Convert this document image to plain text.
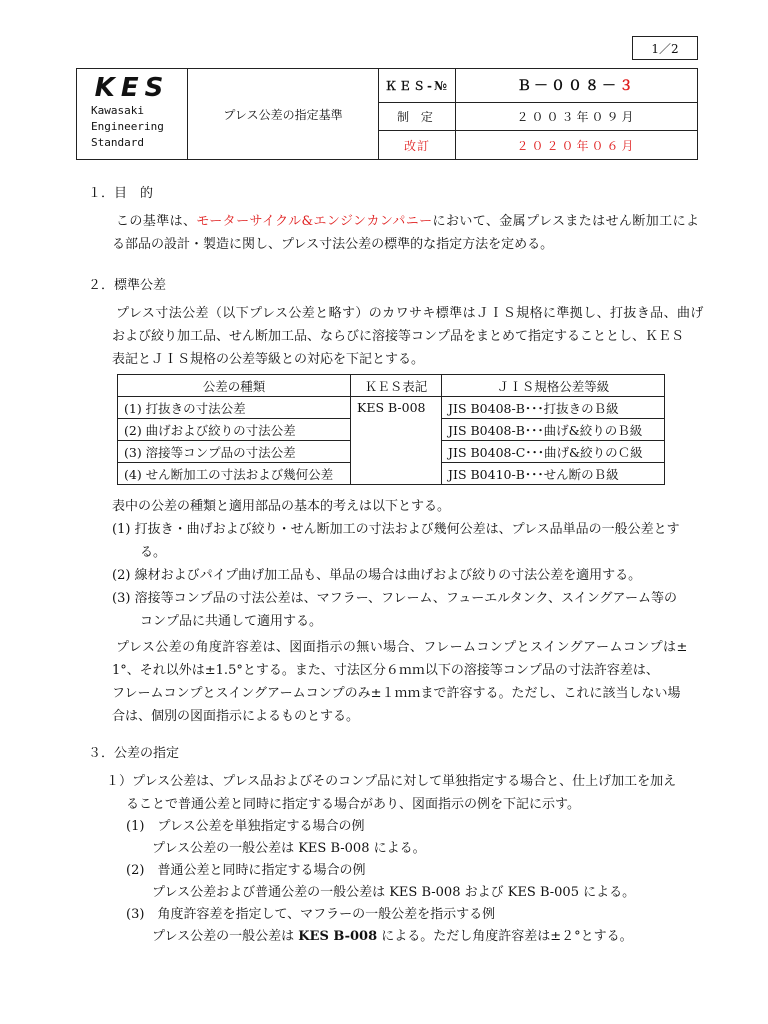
1／2
KES
Kawasaki
Engineering
Standard	プレス公差の指定基準	ＫＥＳ-№	Ｂ－００８－３
		制 定	２００３年０９月
		改訂	２０２０年０６月
１．目　的
この基準は、モーターサイクル&エンジンカンパニーにおいて、金属プレスまたはせん断加工によ
る部品の設計・製造に関し、プレス寸法公差の標準的な指定方法を定める。
２．標準公差
プレス寸法公差（以下プレス公差と略す）のカワサキ標準はＪＩＳ規格に準拠し、打抜き品、曲げ
および絞り加工品、せん断加工品、ならびに溶接等コンプ品をまとめて指定することとし、ＫＥＳ
表記とＪＩＳ規格の公差等級との対応を下記とする。
公差の種類	ＫＥＳ表記	ＪＩＳ規格公差等級
(1) 打抜きの寸法公差	KES B-008	JIS B0408-B･･･打抜きのＢ級
(2) 曲げおよび絞りの寸法公差		JIS B0408-B･･･曲げ&絞りのＢ級
(3) 溶接等コンプ品の寸法公差		JIS B0408-C･･･曲げ&絞りのＣ級
(4) せん断加工の寸法および幾何公差		JIS B0410-B･･･せん断のＢ級
表中の公差の種類と適用部品の基本的考えは以下とする。
(1) 打抜き・曲げおよび絞り・せん断加工の寸法および幾何公差は、プレス品単品の一般公差とす
る。
(2) 線材およびパイプ曲げ加工品も、単品の場合は曲げおよび絞りの寸法公差を適用する。
(3) 溶接等コンプ品の寸法公差は、マフラー、フレーム、フューエルタンク、スイングアーム等の
コンプ品に共通して適用する。
プレス公差の角度許容差は、図面指示の無い場合、フレームコンプとスイングアームコンプは±
1°、それ以外は±1.5°とする。また、寸法区分６ｍｍ以下の溶接等コンプ品の寸法許容差は、
フレームコンプとスイングアームコンプのみ±１ｍｍまで許容する。ただし、これに該当しない場
合は、個別の図面指示によるものとする。
３．公差の指定
１）プレス公差は、プレス品およびそのコンプ品に対して単独指定する場合と、仕上げ加工を加え
ることで普通公差と同時に指定する場合があり、図面指示の例を下記に示す。
(1)　 プレス公差を単独指定する場合の例
プレス公差の一般公差は KES B-008 による。
(2)　 普通公差と同時に指定する場合の例
プレス公差および普通公差の一般公差は KES B-008 および KES B-005 による。
(3)　 角度許容差を指定して、マフラーの一般公差を指示する例
プレス公差の一般公差は KES B-008 による。ただし角度許容差は±２°とする。
